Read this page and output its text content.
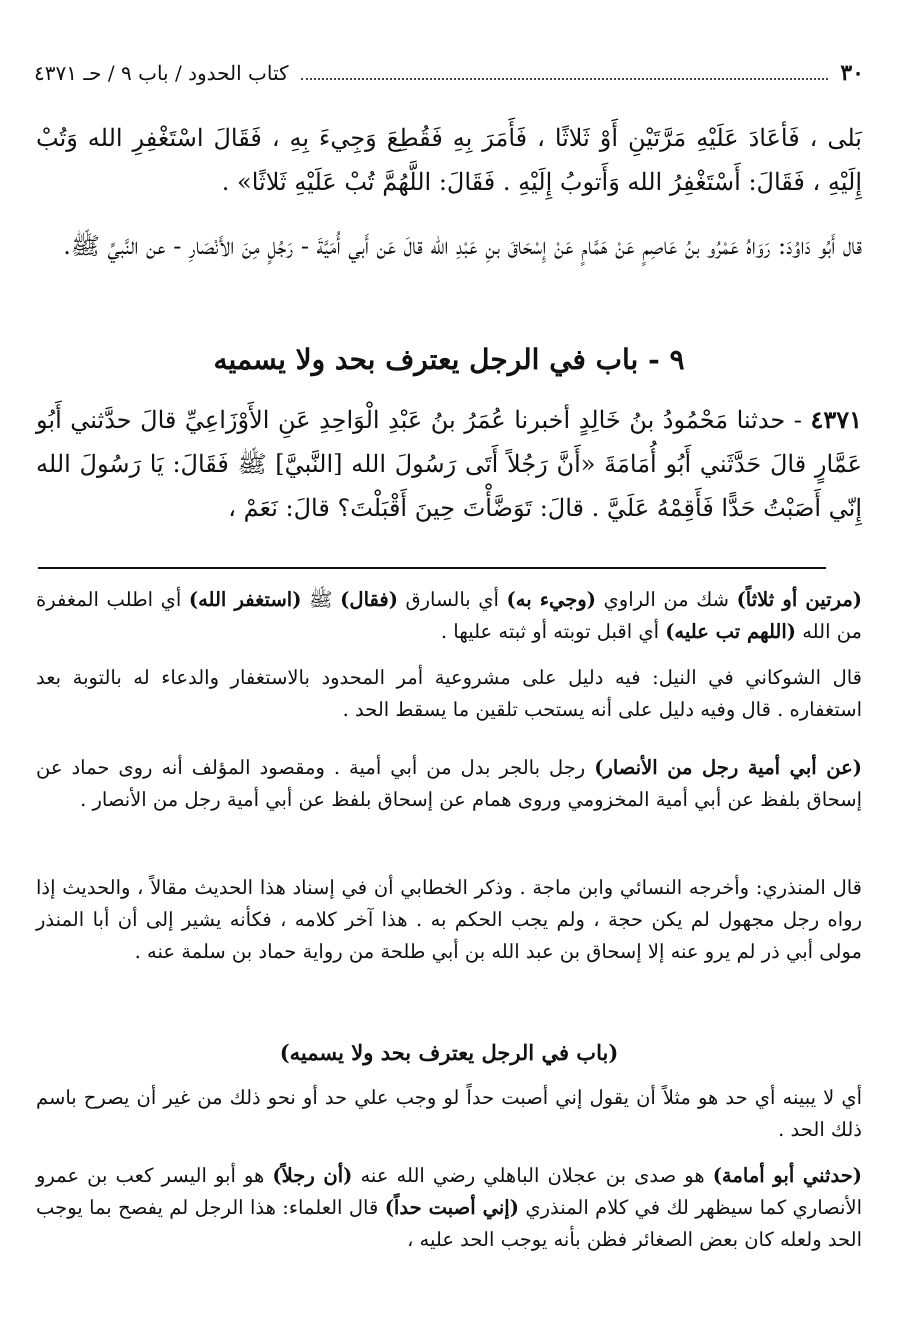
٣٠
كتاب الحدود / باب ٩ / حـ ٤٣٧١

بَلى ، فَأعَادَ عَلَيْهِ مَرَّتَيْنِ أَوْ ثَلاثًا ، فَأَمَرَ بِهِ فَقُطِعَ وَجِيءَ بِهِ ، فَقَالَ اسْتَغْفِرِ الله وَتُبْ إِلَيْهِ ، فَقَالَ: أَسْتَغْفِرُ الله وَأَتوبُ إِلَيْهِ . فَقَالَ: اللَّهُمَّ تُبْ عَلَيْهِ ثَلاثًا» .

قال أَبُو دَاوُدَ: رَوَاهُ عَمْرُو بنُ عَاصِمٍ عَنْ هَمَّامٍ عَنْ إِسْحَاقَ بنِ عَبْدِ الله قالَ عَن أَبي أُمَيَّةَ - رَجُلٍ مِنَ الأَنْصَارِ - عن النَّبيِّ ﷺ.

٩ - باب في الرجل يعترف بحد ولا يسميه

٤٣٧١ - حدثنا مَحْمُودُ بنُ خَالِدٍ أخبرنا عُمَرُ بنُ عَبْدِ الْوَاحِدِ عَنِ الأَوْزَاعِيِّ قالَ حدَّثني أَبُو عَمَّارٍ قالَ حَدَّثَني أَبُو أُمَامَةَ «أَنَّ رَجُلاً أَتَى رَسُولَ الله [النَّبيَّ] ﷺ فَقَالَ: يَا رَسُولَ الله إِنّي أَصَبْتُ حَدًّا فَأَقِمْهُ عَلَيَّ . قالَ: تَوَضَّأْتَ حِينَ أَقْبَلْتَ؟ قالَ: نَعَمْ ،

(مرتين أو ثلاثاً) شك من الراوي (وجيء به) أي بالسارق (فقال) ﷺ (استغفر الله) أي اطلب المغفرة من الله (اللهم تب عليه) أي اقبل توبته أو ثبته عليها .

قال الشوكاني في النيل: فيه دليل على مشروعية أمر المحدود بالاستغفار والدعاء له بالتوبة بعد استغفاره . قال وفيه دليل على أنه يستحب تلقين ما يسقط الحد .

(عن أبي أمية رجل من الأنصار) رجل بالجر بدل من أبي أمية . ومقصود المؤلف أنه روى حماد عن إسحاق بلفظ عن أبي أمية المخزومي وروى همام عن إسحاق بلفظ عن أبي أمية رجل من الأنصار .

قال المنذري: وأخرجه النسائي وابن ماجة . وذكر الخطابي أن في إسناد هذا الحديث مقالاً ، والحديث إذا رواه رجل مجهول لم يكن حجة ، ولم يجب الحكم به . هذا آخر كلامه ، فكأنه يشير إلى أن أبا المنذر مولى أبي ذر لم يرو عنه إلا إسحاق بن عبد الله بن أبي طلحة من رواية حماد بن سلمة عنه .

(باب في الرجل يعترف بحد ولا يسميه)

أي لا يبينه أي حد هو مثلاً أن يقول إني أصبت حداً لو وجب علي حد أو نحو ذلك من غير أن يصرح باسم ذلك الحد .

(حدثني أبو أمامة) هو صدى بن عجلان الباهلي رضي الله عنه (أن رجلاً) هو أبو اليسر كعب بن عمرو الأنصاري كما سيظهر لك في كلام المنذري (إني أصبت حداً) قال العلماء: هذا الرجل لم يفصح بما يوجب الحد ولعله كان بعض الصغائر فظن بأنه يوجب الحد عليه ،
